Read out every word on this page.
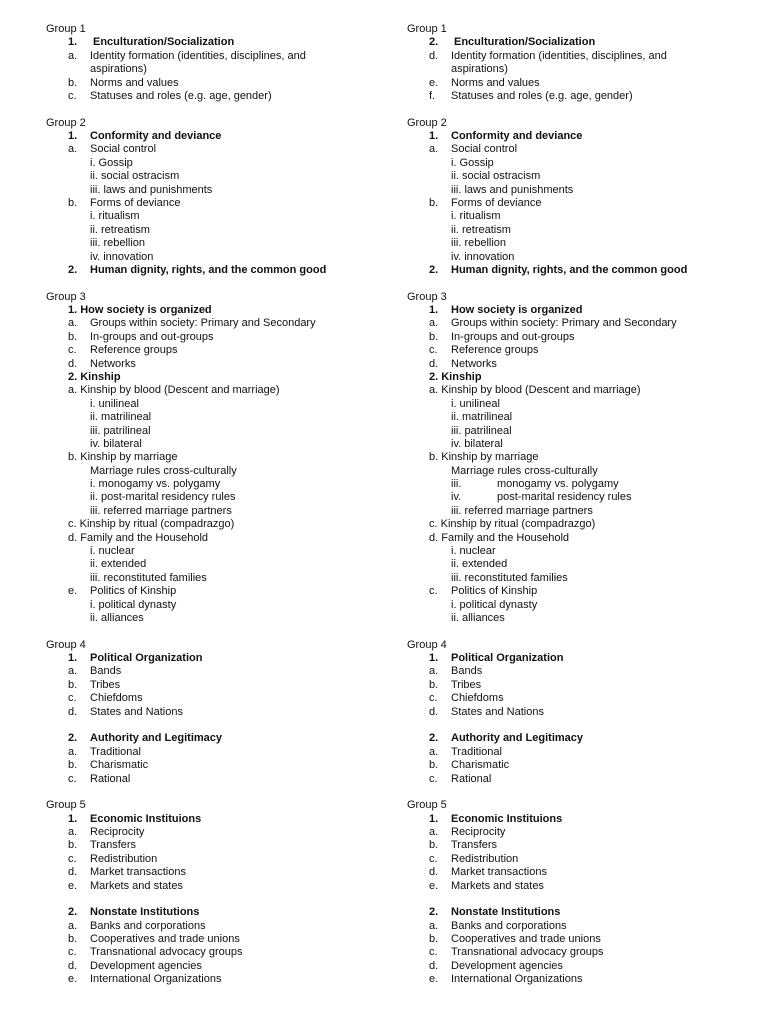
Group 1
1. Enculturation/Socialization
a. Identity formation (identities, disciplines, and
aspirations)
b. Norms and values
c. Statuses and roles (e.g. age, gender)
Group 2
1. Conformity and deviance
a. Social control
i. Gossip
ii. social ostracism
iii. laws and punishments
b. Forms of deviance
i. ritualism
ii. retreatism
iii. rebellion
iv. innovation
2. Human dignity, rights, and the common good
Group 3
1. How society is organized
a. Groups within society: Primary and Secondary
b. In-groups and out-groups
c. Reference groups
d. Networks
2. Kinship
a. Kinship by blood (Descent and marriage)
i. unilineal
ii. matrilineal
iii. patrilineal
iv. bilateral
b. Kinship by marriage
Marriage rules cross-culturally
i. monogamy vs. polygamy
ii. post-marital residency rules
iii. referred marriage partners
c. Kinship by ritual (compadrazgo)
d. Family and the Household
i. nuclear
ii. extended
iii. reconstituted families
e. Politics of Kinship
i. political dynasty
ii. alliances
Group 4
1. Political Organization
a. Bands
b. Tribes
c. Chiefdoms
d. States and Nations
2. Authority and Legitimacy
a. Traditional
b. Charismatic
c. Rational
Group 5
1. Economic Instituions
a. Reciprocity
b. Transfers
c. Redistribution
d. Market transactions
e. Markets and states
2. Nonstate Institutions
a. Banks and corporations
b. Cooperatives and trade unions
c. Transnational advocacy groups
d. Development agencies
e. International Organizations
Group 1
2. Enculturation/Socialization
d. Identity formation (identities, disciplines, and
aspirations)
e. Norms and values
f. Statuses and roles (e.g. age, gender)
Group 2
1. Conformity and deviance
a. Social control
i. Gossip
ii. social ostracism
iii. laws and punishments
b. Forms of deviance
i. ritualism
ii. retreatism
iii. rebellion
iv. innovation
2. Human dignity, rights, and the common good
Group 3
1. How society is organized
a. Groups within society: Primary and Secondary
b. In-groups and out-groups
c. Reference groups
d. Networks
2. Kinship
a. Kinship by blood (Descent and marriage)
i. unilineal
ii. matrilineal
iii. patrilineal
iv. bilateral
b. Kinship by marriage
Marriage rules cross-culturally
iii.	monogamy vs. polygamy
iv.	post-marital residency rules
iii. referred marriage partners
c. Kinship by ritual (compadrazgo)
d. Family and the Household
i. nuclear
ii. extended
iii. reconstituted families
c. Politics of Kinship
i. political dynasty
ii. alliances
Group 4
1. Political Organization
a. Bands
b. Tribes
c. Chiefdoms
d. States and Nations
2. Authority and Legitimacy
a. Traditional
b. Charismatic
c. Rational
Group 5
1. Economic Instituions
a. Reciprocity
b. Transfers
c. Redistribution
d. Market transactions
e. Markets and states
2. Nonstate Institutions
a. Banks and corporations
b. Cooperatives and trade unions
c. Transnational advocacy groups
d. Development agencies
e. International Organizations
